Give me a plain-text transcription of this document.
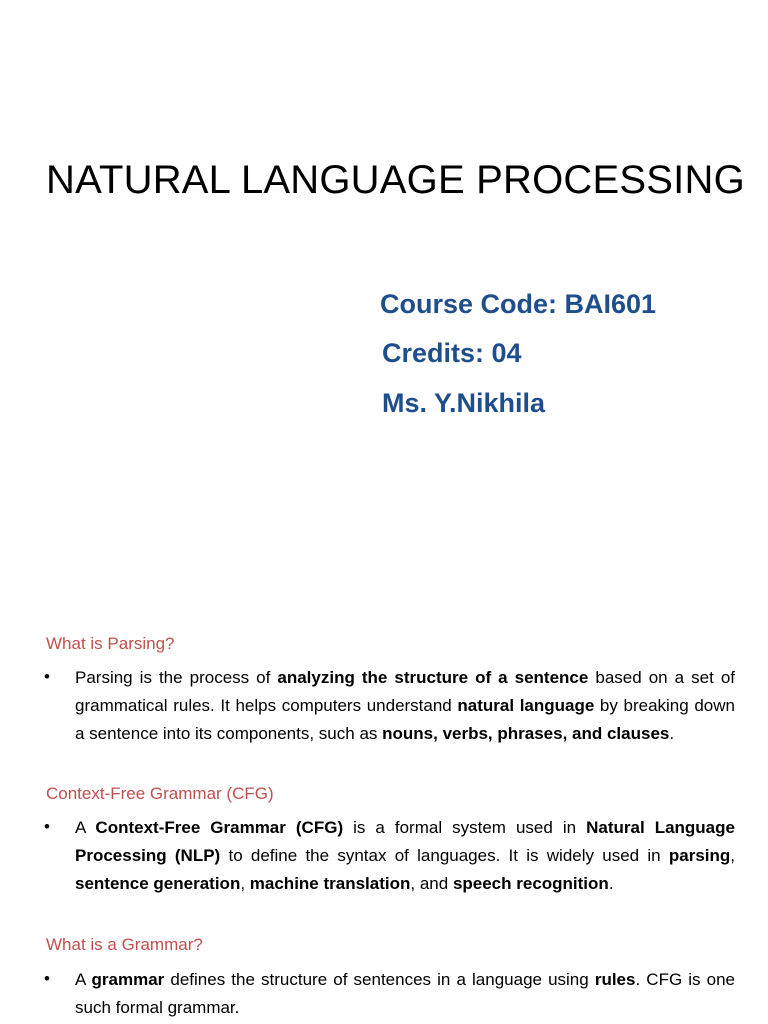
NATURAL LANGUAGE PROCESSING
Course Code: BAI601
Credits: 04
Ms. Y.Nikhila
What is Parsing?
• Parsing is the process of analyzing the structure of a sentence based on a set of grammatical rules. It helps computers understand natural language by breaking down a sentence into its components, such as nouns, verbs, phrases, and clauses.

Context-Free Grammar (CFG)
• A Context-Free Grammar (CFG) is a formal system used in Natural Language Processing (NLP) to define the syntax of languages. It is widely used in parsing, sentence generation, machine translation, and speech recognition.

What is a Grammar?
• A grammar defines the structure of sentences in a language using rules. CFG is one such formal grammar.
